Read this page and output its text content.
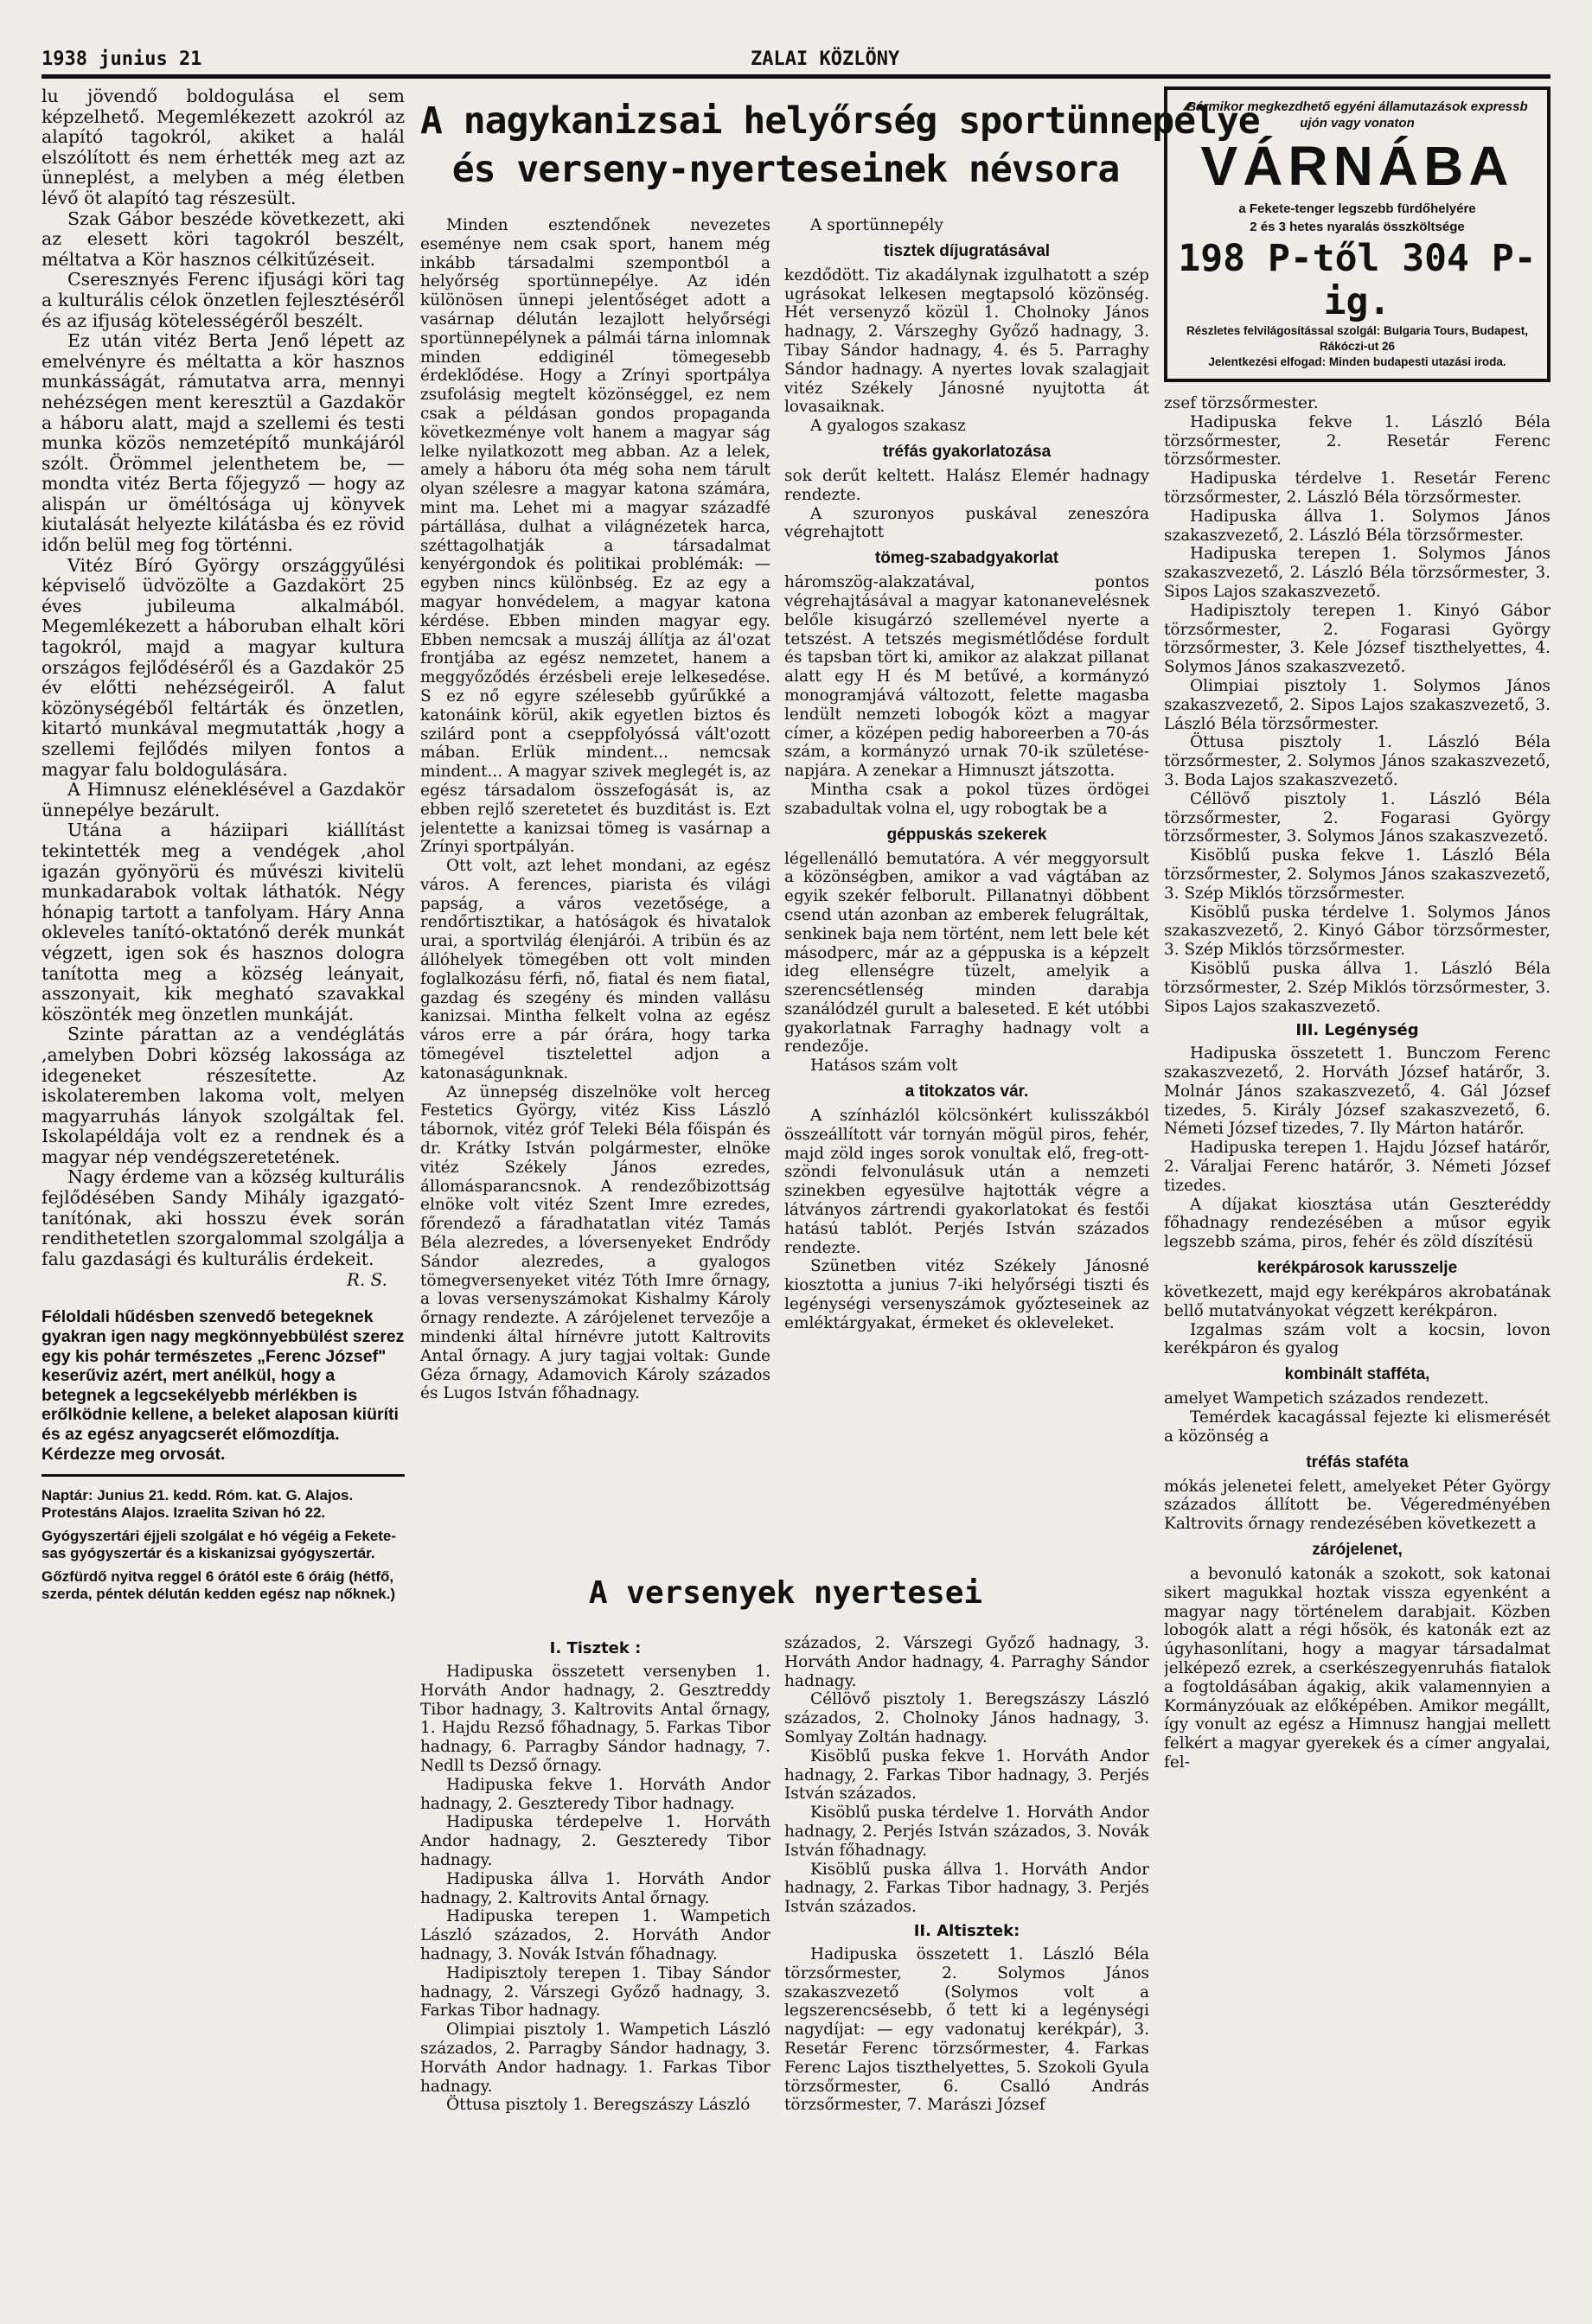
1938 junius 21	ZALAI KÖZLÖNY

lu jövendő boldogulása el sem képzelhető. Megemlékezett azokról az alapító tagokról, akiket a halál elszólított és nem érhették meg azt az ünneplést, a melyben a még életben lévő öt alapító tag részesült.

Szak Gábor beszéde következett, aki az elesett köri tagokról beszélt, méltatva a Kör hasznos célkitűzéseit.

Cseresznyés Ferenc ifjusági köri tag a kulturális célok önzetlen fejlesztéséről és az ifjuság kötelességéről beszélt.

Ez után vitéz Berta Jenő lépett az emelvényre és méltatta a kör hasznos munkásságát, rámutatva arra, mennyi nehézségen ment keresztül a Gazdakör a háboru alatt, majd a szellemi és testi munka közös nemzetépítő munkájáról szólt. Örömmel jelenthetem be, — mondta vitéz Berta főjegyző — hogy az alispán ur öméltósága uj könyvek kiutalását helyezte kilátásba és ez rövid időn belül meg fog történni.

Vitéz Bíró György országgyűlési képviselő üdvözölte a Gazdakört 25 éves jubileuma alkalmából. Megemlékezett a háboruban elhalt köri tagokról, majd a magyar kultura országos fejlődéséről és a Gazdakör 25 év előtti nehézségeiről. A falut közönységéből feltárták és önzetlen, kitartó munkával megmutatták ,hogy a szellemi fejlődés milyen fontos a magyar falu boldogulására.

A Himnusz eléneklésével a Gazdakör ünnepélye bezárult.

Utána a háziipari kiállítást tekintették meg a vendégek ,ahol igazán gyönyörü és művészi kivitelü munkadarabok voltak láthatók. Négy hónapig tartott a tanfolyam. Háry Anna okleveles tanító-oktatónő derék munkát végzett, igen sok és hasznos dologra tanította meg a község leányait, asszonyait, kik megható szavakkal köszönték meg önzetlen munkáját.

Szinte párattan az a vendéglátás ,amelyben Dobri község lakossága az idegeneket részesítette. Az iskolateremben lakoma volt, melyen magyarruhás lányok szolgáltak fel. Iskolapéldája volt ez a rendnek és a magyar nép vendégszeretetének.

Nagy érdeme van a község kulturális fejlődésében Sandy Mihály igazgató-tanítónak, aki hosszu évek során rendithetetlen szorgalommal szolgálja a falu gazdasági és kulturális érdekeit.

R. S.
Féloldali hűdésben szenvedő betegeknek gyakran igen nagy megkönnyebbülést szerez egy kis pohár természetes „Ferenc József" keserűviz azért, mert anélkül, hogy a betegnek a legcsekélyebb mérlékben is erőlködnie kellene, a beleket alaposan kiüríti és az egész anyagcserét előmozdítja. Kérdezze meg orvosát.
Naptár: Junius 21. kedd. Róm. kat. G. Alajos. Protestáns Alajos. Izraelita Szivan hó 22.
Gyógyszertári éjjeli szolgálat e hó végéig a Fekete-sas gyógyszertár és a kiskanizsai gyógyszertár.
Gőzfürdő nyitva reggel 6 órától este 6 óráig (hétfő, szerda, péntek délután kedden egész nap nőknek.)
A nagykanizsai helyőrség sportünnepélye
és verseny-nyerteseinek névsora

Minden esztendőnek nevezetes eseménye nem csak sport, hanem még inkább társadalmi szempontból a helyőrség sportünnepélye. Az idén különösen ünnepi jelentőséget adott a vasárnap délután lezajlott helyőrségi sportünnepélynek a pálmái tárna inlomnak minden eddiginél tömegesebb érdeklődése. Hogy a Zrínyi sportpálya zsufolásig megtelt közönséggel, ez nem csak a példásan gondos propaganda következménye volt hanem a magyar ság lelke nyilatkozott meg abban. Az a lelek, amely a háboru óta még soha nem tárult olyan szélesre a magyar katona számára, mint ma. Lehet mi a magyar századfé pártállása, dulhat a világnézetek harca, széttagolhatják a társadalmat kenyérgondok és politikai problémák: — egyben nincs különbség. Ez az egy a magyar honvédelem, a magyar katona kérdése. Ebben minden magyar egy. Ebben nemcsak a muszáj állítja az ál'ozat frontjába az egész nemzetet, hanem a meggyőződés érzésbeli ereje lelkesedése. S ez nő egyre szélesebb gyűrűkké a katonáink körül, akik egyetlen biztos és szilárd pont a cseppfolyóssá vált'ozott mában. Erlük mindent... nemcsak mindent... A magyar szivek meglegét is, az egész társadalom összefogását is, az ebben rejlő szeretetet és buzditást is. Ezt jelentette a kanizsai tömeg is vasárnap a Zrínyi sportpályán.

Ott volt, azt lehet mondani, az egész város. A ferences, piarista és világi papság, a város vezetősége, a rendőrtisztikar, a hatóságok és hivatalok urai, a sportvilág élenjárói. A tribün és az állóhelyek tömegében ott volt minden foglalkozásu férfi, nő, fiatal és nem fiatal, gazdag és szegény és minden vallásu kanizsai. Mintha felkelt volna az egész város erre a pár órára, hogy tarka tömegével tisztelettel adjon a katonaságunknak.

Az ünnepség diszelnöke volt herceg Festetics György, vitéz Kiss László tábornok, vitéz gróf Teleki Béla főispán és dr. Krátky István polgármester, elnöke vitéz Székely János ezredes, állomásparancsnok. A rendezőbizottság elnöke volt vitéz Szent Imre ezredes, főrendező a fáradhatatlan vitéz Tamás Béla alezredes, a lóversenyeket Endrődy Sándor alezredes, a gyalogos tömegversenyeket vitéz Tóth Imre őrnagy, a lovas versenyszámokat Kishalmy Károly őrnagy rendezte. A zárójelenet tervezője a mindenki által hírnévre jutott Kaltrovits Antal őrnagy. A jury tagjai voltak: Gunde Géza őrnagy, Adamovich Károly százados és Lugos István főhadnagy.

I. Tisztek :

Hadipuska összetett versenyben 1. Horváth Andor hadnagy, 2. Gesztreddy Tibor hadnagy, 3. Kaltrovits Antal őrnagy, 1. Hajdu Rezső főhadnagy, 5. Farkas Tibor hadnagy, 6. Parragby Sándor hadnagy, 7. Nedll ts Dezső őrnagy.

Hadipuska fekve 1. Horváth Andor hadnagy, 2. Geszteredy Tibor hadnagy.

Hadipuska térdepelve 1. Horváth Andor hadnagy, 2. Geszteredy Tibor hadnagy.

Hadipuska állva 1. Horváth Andor hadnagy, 2. Kaltrovits Antal őrnagy.

Hadipuska terepen 1. Wampetich László százados, 2. Horváth Andor hadnagy, 3. Novák István főhadnagy.

Hadipisztoly terepen 1. Tibay Sándor hadnagy, 2. Várszegi Győző hadnagy, 3. Farkas Tibor hadnagy.

Olimpiai pisztoly 1. Wampetich László százados, 2. Parragby Sándor hadnagy, 3. Horváth Andor hadnagy. 1. Farkas Tibor hadnagy.

Öttusa pisztoly 1. Beregszászy László

A sportünnepély

tisztek díjugratásával

kezdődött. Tiz akadálynak izgulhatott a szép ugrásokat lelkesen megtapsoló közönség. Hét versenyző közül 1. Cholnoky János hadnagy, 2. Várszeghy Győző hadnagy, 3. Tibay Sándor hadnagy, 4. és 5. Parraghy Sándor hadnagy. A nyertes lovak szalagjait vitéz Székely Jánosné nyujtotta át lovasaiknak.

A gyalogos szakasz

tréfás gyakorlatozása

sok derűt keltett. Halász Elemér hadnagy rendezte.

A szuronyos puskával zeneszóra végrehajtott

tömeg-szabadgyakorlat

háromszög-alakzatával, pontos végrehajtásával a magyar katonanevelésnek belőle kisugárzó szellemével nyerte a tetszést. A tetszés megismétlődése fordult és tapsban tört ki, amikor az alakzat pillanat alatt egy H és M betűvé, a kormányzó monogramjává változott, felette magasba lendült nemzeti lobogók közt a magyar címer, a középen pedig haboreerben a 70-ás szám, a kormányzó urnak 70-ik születése-napjára. A zenekar a Himnuszt játszotta.

Mintha csak a pokol tüzes ördögei szabadultak volna el, ugy robogtak be a

géppuskás szekerek

légellenálló bemutatóra. A vér meggyorsult a közönségben, amikor a vad vágtában az egyik szekér felborult. Pillanatnyi döbbent csend után azonban az emberek felugráltak, senkinek baja nem történt, nem lett bele két másodperc, már az a géppuska is a képzelt ideg ellenségre tüzelt, amelyik a szerencsétlenség minden darabja szanálódzél gurult a baleseted. E két utóbbi gyakorlatnak Farraghy hadnagy volt a rendezője.

Hatásos szám volt

a titokzatos vár.

A színházlól kölcsönkért kulisszákból összeállított vár tornyán mögül piros, fehér, majd zöld inges sorok vonultak elő, freg-ott-szöndi felvonulásuk után a nemzeti szinekben egyesülve hajtották végre a látványos zártrendi gyakorlatokat és festői hatású tablót. Perjés István százados rendezte.

Szünetben vitéz Székely Jánosné kiosztotta a junius 7-iki helyőrségi tiszti és legénységi versenyszámok győzteseinek az emléktárgyakat, érmeket és okleveleket.

százados, 2. Várszegi Győző hadnagy, 3. Horváth Andor hadnagy, 4. Parraghy Sándor hadnagy.

Céllövő pisztoly 1. Beregszászy László százados, 2. Cholnoky János hadnagy, 3. Somlyay Zoltán hadnagy.

Kisöblű puska fekve 1. Horváth Andor hadnagy, 2. Farkas Tibor hadnagy, 3. Perjés István százados.

Kisöblű puska térdelve 1. Horváth Andor hadnagy, 2. Perjés István százados, 3. Novák István főhadnagy.

Kisöblű puska állva 1. Horváth Andor hadnagy, 2. Farkas Tibor hadnagy, 3. Perjés István százados.

II. Altisztek:

Hadipuska összetett 1. László Béla törzsőrmester, 2. Solymos János szakaszvezető (Solymos volt a legszerencsésebb, ő tett ki a legénységi nagydíjat: — egy vadonatuj kerékpár), 3. Resetár Ferenc törzsőrmester, 4. Farkas Ferenc Lajos tiszthelyettes, 5. Szokoli Gyula törzsőrmester, 6. Csalló András törzsőrmester, 7. Marászi József

A versenyek nyertesei
Bármikor megkezdhető egyéni államutazások expressb ujón vagy vonaton
VÁRNÁBA
a Fekete-tenger legszebb fürdőhelyére
2 és 3 hetes nyaralás összköltsége
198 P-től 304 P-ig.
Részletes felvilágosítással szolgál: Bulgaria Tours, Budapest, Rákóczi-ut 26
Jelentkezési elfogad: Minden budapesti utazási iroda.

zsef törzsőrmester.

Hadipuska fekve 1. László Béla törzsőrmester, 2. Resetár Ferenc törzsőrmester.

Hadipuska térdelve 1. Resetár Ferenc törzsőrmester, 2. László Béla törzsőrmester.

Hadipuska állva 1. Solymos János szakaszvezető, 2. László Béla törzsőrmester.

Hadipuska terepen 1. Solymos János szakaszvezető, 2. László Béla törzsőrmester, 3. Sipos Lajos szakaszvezető.

Hadipisztoly terepen 1. Kinyó Gábor törzsőrmester, 2. Fogarasi György törzsőrmester, 3. Kele József tiszthelyettes, 4. Solymos János szakaszvezető.

Olimpiai pisztoly 1. Solymos János szakaszvezető, 2. Sipos Lajos szakaszvezető, 3. László Béla törzsőrmester.

Öttusa pisztoly 1. László Béla törzsőrmester, 2. Solymos János szakaszvezető, 3. Boda Lajos szakaszvezető.

Céllövő pisztoly 1. László Béla törzsőrmester, 2. Fogarasi György törzsőrmester, 3. Solymos János szakaszvezető.

Kisöblű puska fekve 1. László Béla törzsőrmester, 2. Solymos János szakaszvezető, 3. Szép Miklós törzsőrmester.

Kisöblű puska térdelve 1. Solymos János szakaszvezető, 2. Kinyó Gábor törzsőrmester, 3. Szép Miklós törzsőrmester.

Kisöblű puska állva 1. László Béla törzsőrmester, 2. Szép Miklós törzsőrmester, 3. Sipos Lajos szakaszvezető.

III. Legénység

Hadipuska összetett 1. Bunczom Ferenc szakaszvezető, 2. Horváth József határőr, 3. Molnár János szakaszvezető, 4. Gál József tizedes, 5. Király József szakaszvezető, 6. Németi József tizedes, 7. Ily Márton határőr.

Hadipuska terepen 1. Hajdu József határőr, 2. Váraljai Ferenc határőr, 3. Németi József tizedes.

A díjakat kiosztása után Geszteréddy főhadnagy rendezésében a műsor egyik legszebb száma, piros, fehér és zöld díszítésü

kerékpárosok karusszelje

következett, majd egy kerékpáros akrobatának bellő mutatványokat végzett kerékpáron.

Izgalmas szám volt a kocsin, lovon kerékpáron és gyalog

kombinált stafféta,

amelyet Wampetich százados rendezett.

Temérdek kacagással fejezte ki elismerését a közönség a

tréfás staféta

mókás jelenetei felett, amelyeket Péter György százados állított be. Végeredményében Kaltrovits őrnagy rendezésében következett a

zárójelenet,

a bevonuló katonák a szokott, sok katonai sikert magukkal hoztak vissza egyenként a magyar nagy történelem darabjait. Közben lobogók alatt a régi hősök, és katonák ezt az úgyhasonlítani, hogy a magyar társadalmat jelképező ezrek, a cserkészegyenruhás fiatalok a fogtoldásában ágakig, akik valamennyien a Kormányzóuak az előképében. Amikor megállt, így vonult az egész a Himnusz hangjai mellett felkért a magyar gyerekek és a címer angyalai, fel-
